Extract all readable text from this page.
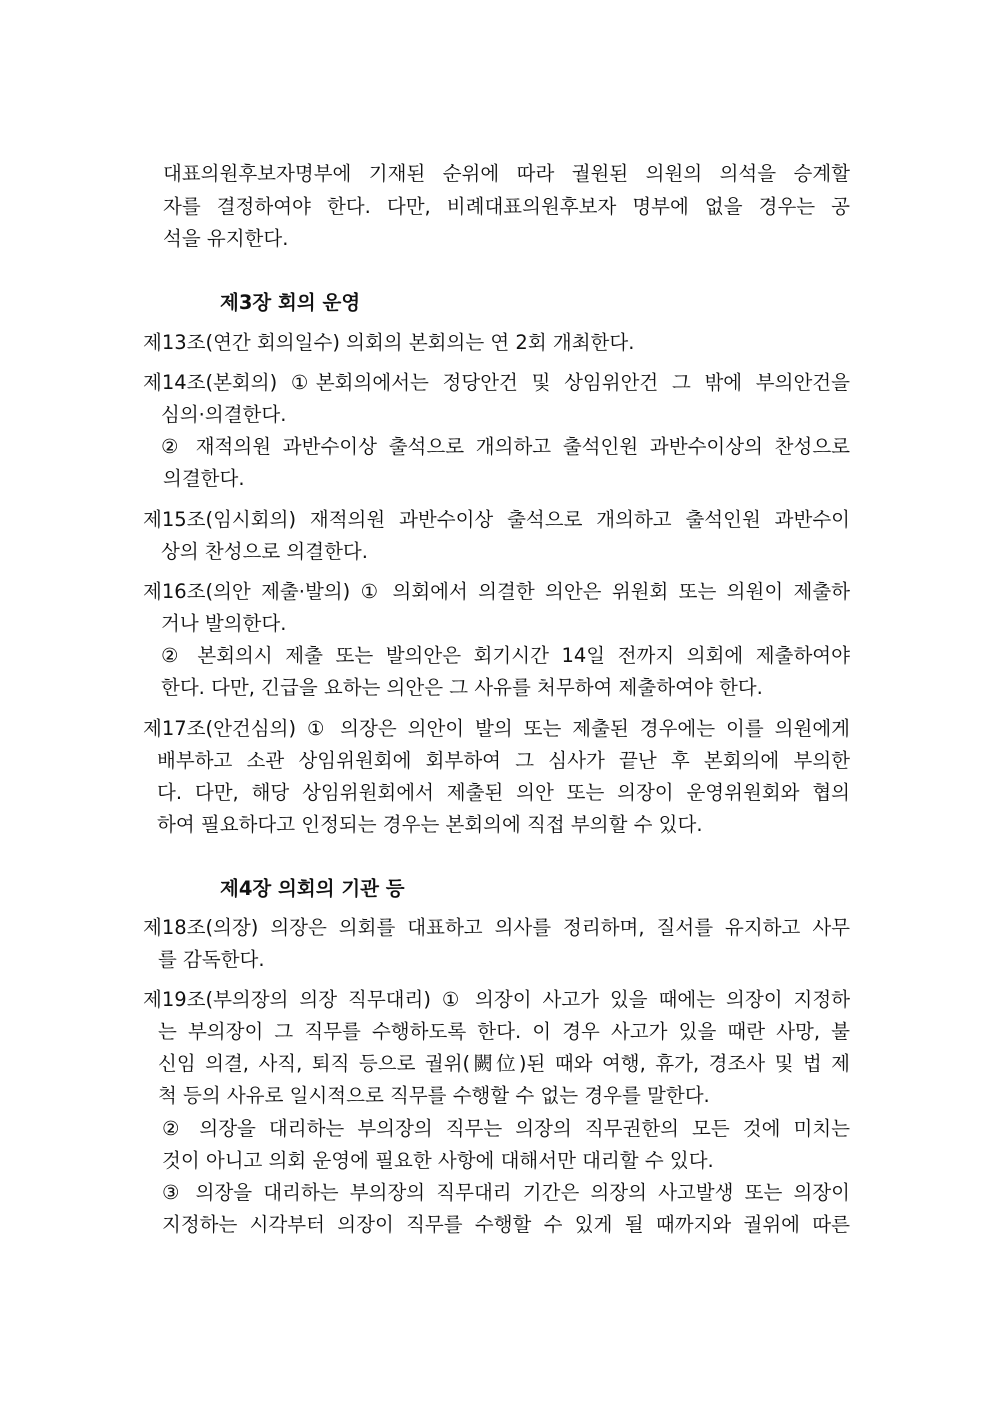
대표의원후보자명부에 기재된 순위에 따라 궐원된 의원의 의석을 승계할
자를 결정하여야 한다. 다만, 비례대표의원후보자 명부에 없을 경우는 공
석을 유지한다.
제3장 회의 운영
제13조(연간 회의일수) 의회의 본회의는 연 2회 개최한다.
제14조(본회의) ①본회의에서는 정당안건 및 상임위안건 그 밖에 부의안건을
심의·의결한다.
② 재적의원 과반수이상 출석으로 개의하고 출석인원 과반수이상의 찬성으로
의결한다.
제15조(임시회의) 재적의원 과반수이상 출석으로 개의하고 출석인원 과반수이
상의 찬성으로 의결한다.
제16조(의안 제출·발의) ① 의회에서 의결한 의안은 위원회 또는 의원이 제출하
거나 발의한다.
② 본회의시 제출 또는 발의안은 회기시간 14일 전까지 의회에 제출하여야
한다. 다만, 긴급을 요하는 의안은 그 사유를 처무하여 제출하여야 한다.
제17조(안건심의) ① 의장은 의안이 발의 또는 제출된 경우에는 이를 의원에게
배부하고 소관 상임위원회에 회부하여 그 심사가 끝난 후 본회의에 부의한
다. 다만, 해당 상임위원회에서 제출된 의안 또는 의장이 운영위원회와 협의
하여 필요하다고 인정되는 경우는 본회의에 직접 부의할 수 있다.
제4장 의회의 기관 등
제18조(의장) 의장은 의회를 대표하고 의사를 정리하며, 질서를 유지하고 사무
를 감독한다.
제19조(부의장의 의장 직무대리) ① 의장이 사고가 있을 때에는 의장이 지정하
는 부의장이 그 직무를 수행하도록 한다. 이 경우 사고가 있을 때란 사망, 불
신임 의결, 사직, 퇴직 등으로 궐위(闕位)된 때와 여행, 휴가, 경조사 및 법 제
척 등의 사유로 일시적으로 직무를 수행할 수 없는 경우를 말한다.
② 의장을 대리하는 부의장의 직무는 의장의 직무권한의 모든 것에 미치는
것이 아니고 의회 운영에 필요한 사항에 대해서만 대리할 수 있다.
③ 의장을 대리하는 부의장의 직무대리 기간은 의장의 사고발생 또는 의장이
지정하는 시각부터 의장이 직무를 수행할 수 있게 될 때까지와 궐위에 따른
